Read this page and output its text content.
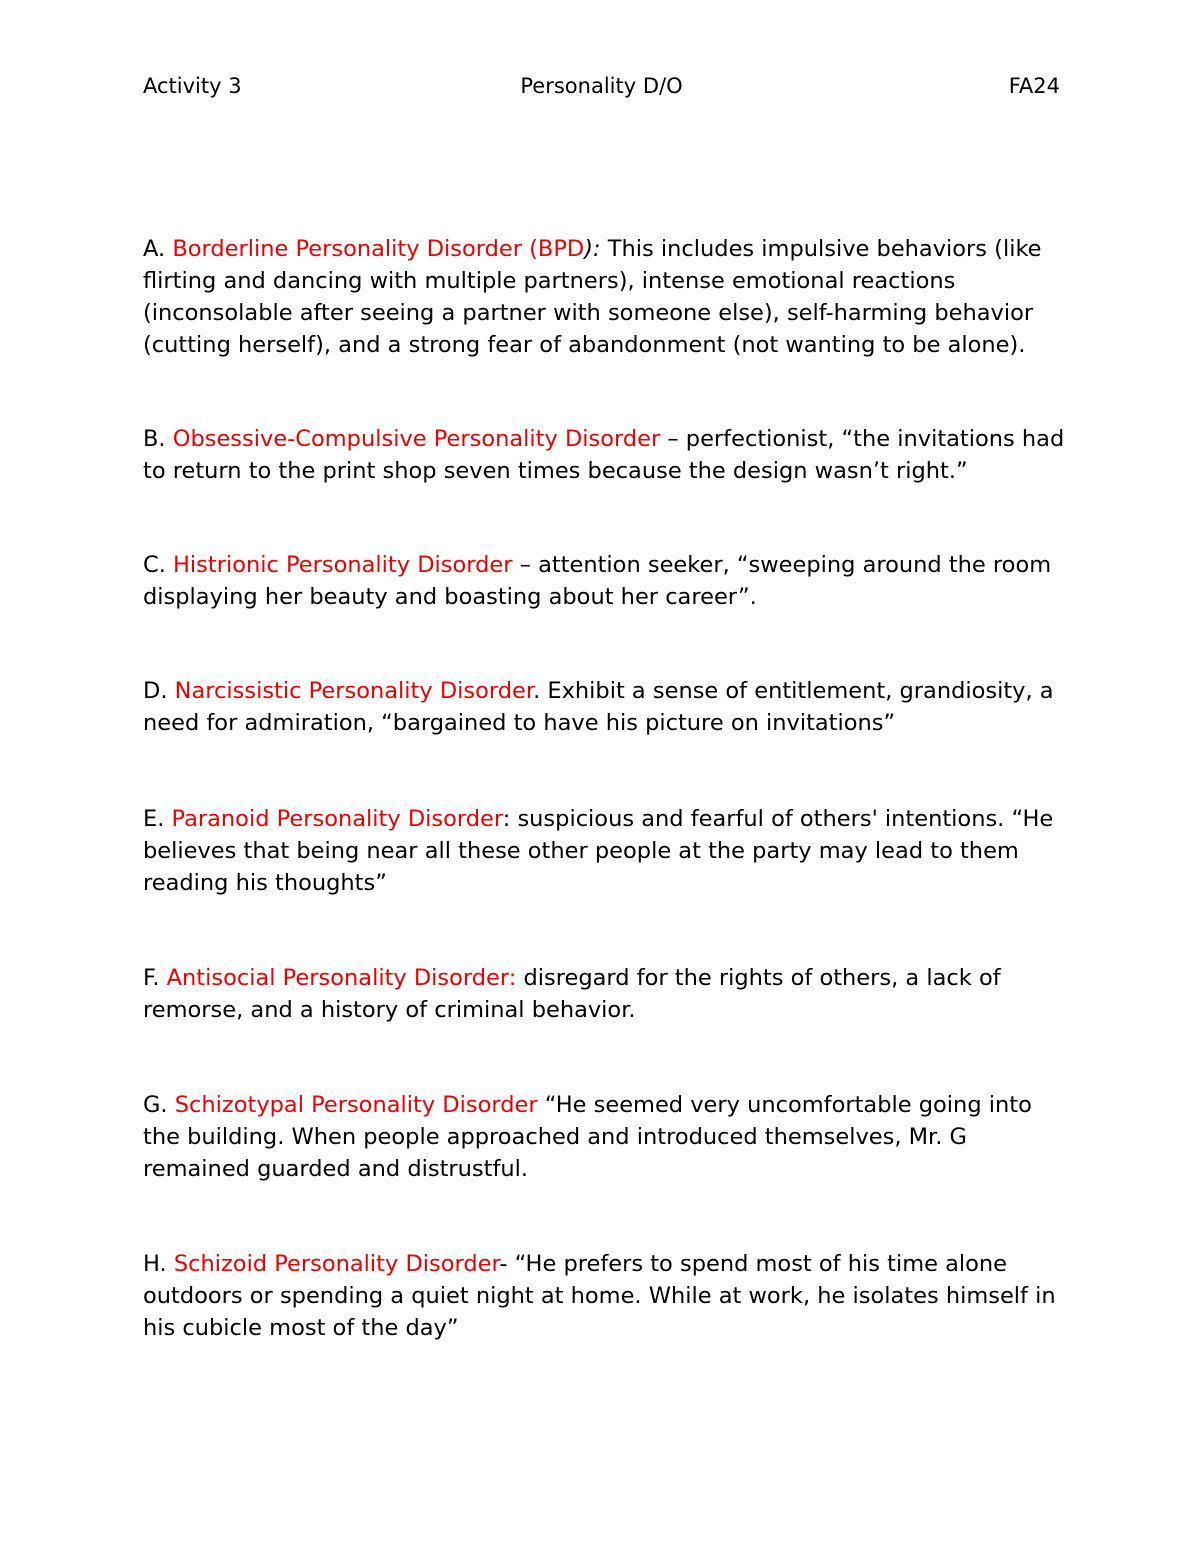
Activity 3	Personality D/O	FA24

A. Borderline Personality Disorder (BPD): This includes impulsive behaviors (like flirting and dancing with multiple partners), intense emotional reactions (inconsolable after seeing a partner with someone else), self-harming behavior (cutting herself), and a strong fear of abandonment (not wanting to be alone).

B. Obsessive-Compulsive Personality Disorder – perfectionist, “the invitations had to return to the print shop seven times because the design wasn’t right.”

C. Histrionic Personality Disorder – attention seeker, “sweeping around the room displaying her beauty and boasting about her career”.

D. Narcissistic Personality Disorder. Exhibit a sense of entitlement, grandiosity, a need for admiration, “bargained to have his picture on invitations”

E. Paranoid Personality Disorder: suspicious and fearful of others' intentions. “He believes that being near all these other people at the party may lead to them reading his thoughts”

F. Antisocial Personality Disorder: disregard for the rights of others, a lack of remorse, and a history of criminal behavior.

G. Schizotypal Personality Disorder “He seemed very uncomfortable going into the building. When people approached and introduced themselves, Mr. G remained guarded and distrustful.

H. Schizoid Personality Disorder- “He prefers to spend most of his time alone outdoors or spending a quiet night at home. While at work, he isolates himself in his cubicle most of the day”
